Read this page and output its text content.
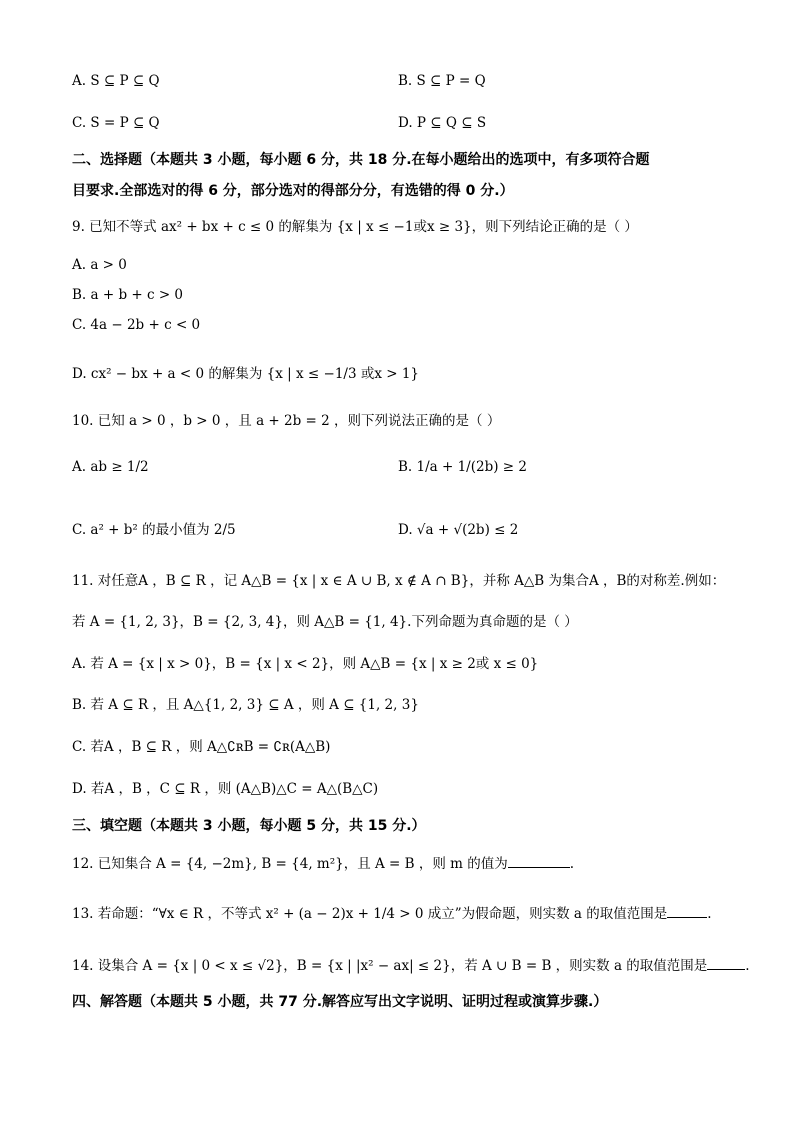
A. S ⊆ P ⊆ Q	B. S ⊆ P = Q
C. S = P ⊆ Q	D. P ⊆ Q ⊆ S
二、选择题（本题共 3 小题，每小题 6 分，共 18 分.在每小题给出的选项中，有多项符合题
目要求.全部选对的得 6 分，部分选对的得部分分，有选错的得 0 分.）
9. 已知不等式 ax² + bx + c ≤ 0 的解集为 {x | x ≤ −1或x ≥ 3}，则下列结论正确的是（ ）
A. a > 0
B. a + b + c > 0
C. 4a − 2b + c < 0
D. cx² − bx + a < 0 的解集为 {x | x ≤ −1/3 或x > 1}
10. 已知 a > 0 ，b > 0 ，且 a + 2b = 2 ，则下列说法正确的是（ ）
A. ab ≥ 1/2	B. 1/a + 1/(2b) ≥ 2
C. a² + b² 的最小值为 2/5	D. √a + √(2b) ≤ 2
11. 对任意A ，B ⊆ R ，记 A△B = {x | x ∈ A ∪ B, x ∉ A ∩ B}，并称 A△B 为集合A ，B的对称差.例如：
若 A = {1, 2, 3}，B = {2, 3, 4}，则 A△B = {1, 4}.下列命题为真命题的是（ ）
A. 若 A = {x | x > 0}，B = {x | x < 2}，则 A△B = {x | x ≥ 2或 x ≤ 0}
B. 若 A ⊆ R ，且 A△{1, 2, 3} ⊆ A ，则 A ⊆ {1, 2, 3}
C. 若A ，B ⊆ R ，则 A△∁ʀB = ∁ʀ(A△B)
D. 若A ，B ，C ⊆ R ，则 (A△B)△C = A△(B△C)
三、填空题（本题共 3 小题，每小题 5 分，共 15 分.）
12. 已知集合 A = {4, −2m}, B = {4, m²}，且 A = B ，则 m 的值为	.
13. 若命题：“∀x ∈ R ，不等式 x² + (a − 2)x + 1/4 > 0 成立”为假命题，则实数 a 的取值范围是	.
14. 设集合 A = {x | 0 < x ≤ √2}，B = {x | |x² − ax| ≤ 2}，若 A ∪ B = B ，则实数 a 的取值范围是	.
四、解答题（本题共 5 小题，共 77 分.解答应写出文字说明、证明过程或演算步骤.）
